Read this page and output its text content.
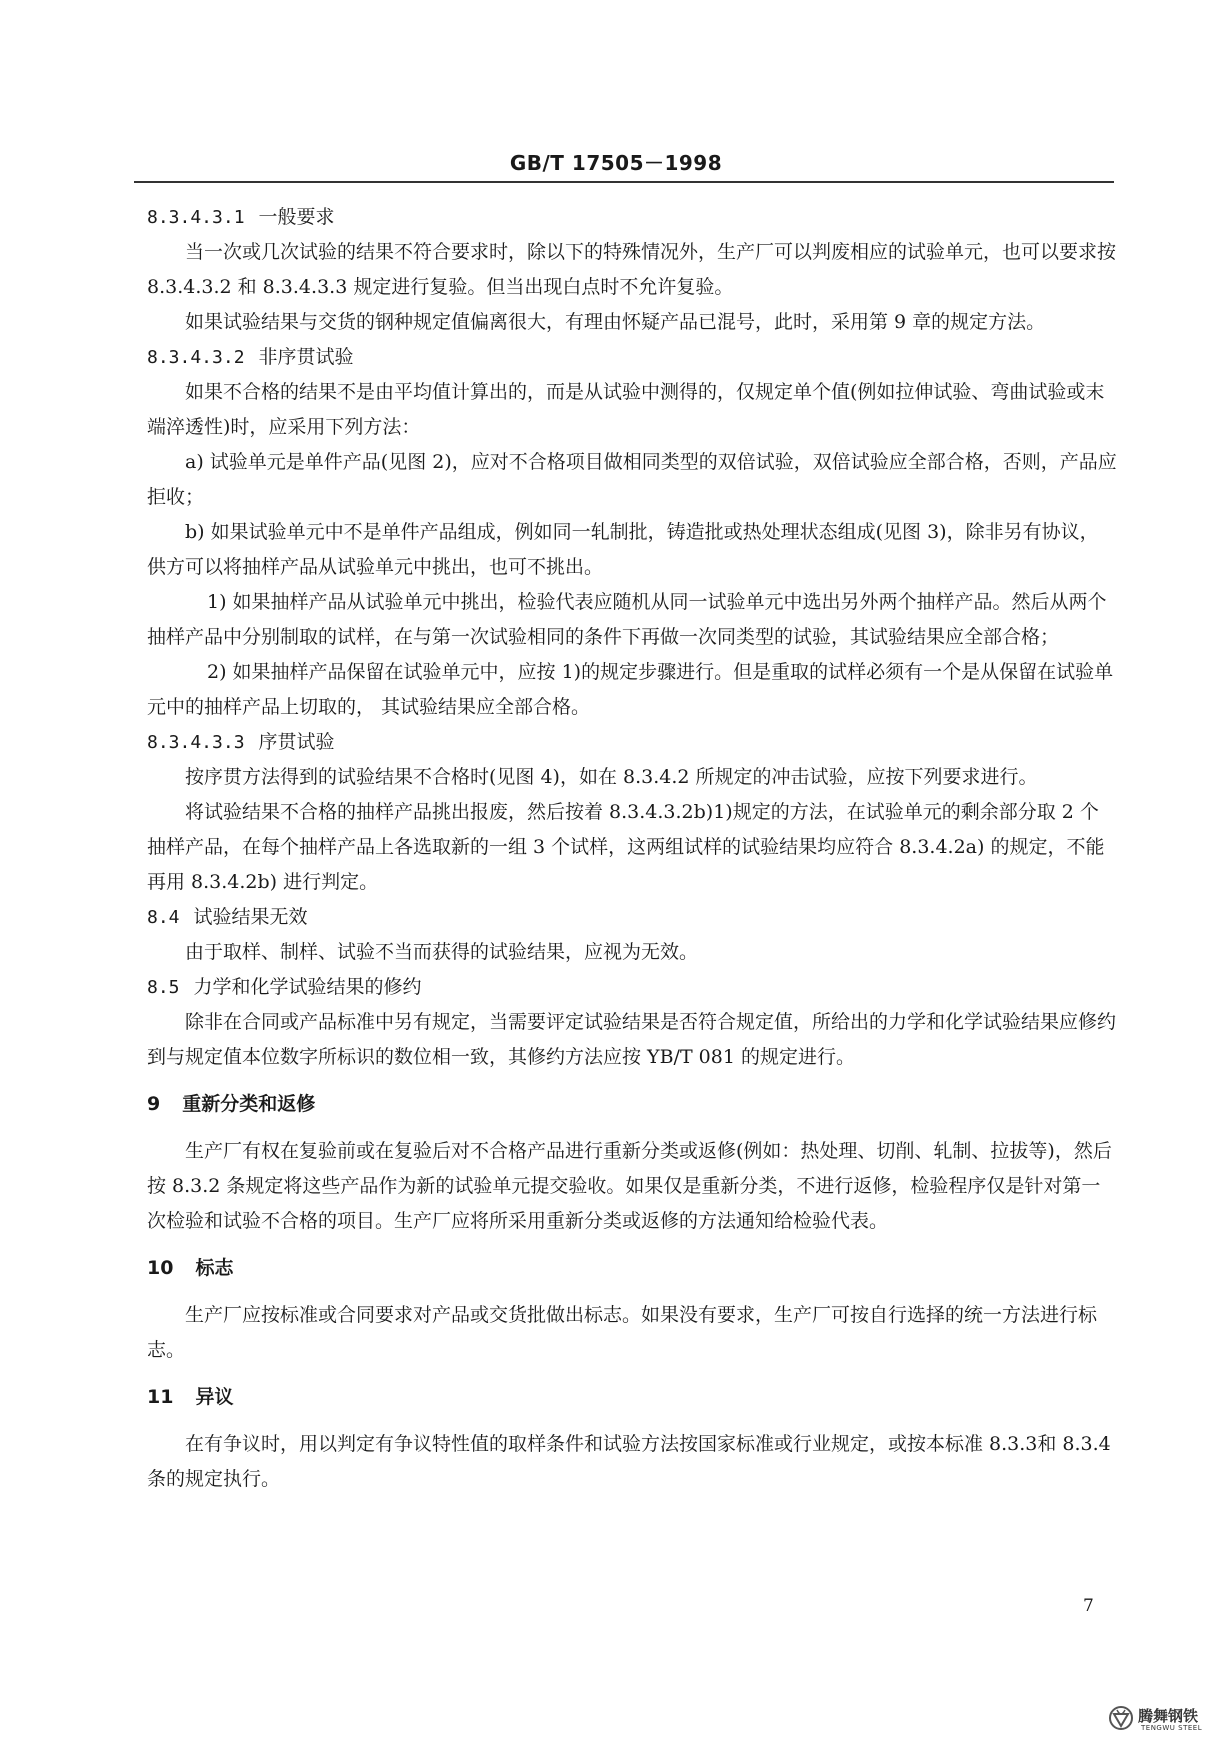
GB/T 17505－1998

8.3.4.3.1 一般要求

当一次或几次试验的结果不符合要求时，除以下的特殊情况外，生产厂可以判废相应的试验单元，也可以要求按 8.3.4.3.2 和 8.3.4.3.3 规定进行复验。但当出现白点时不允许复验。

如果试验结果与交货的钢种规定值偏离很大，有理由怀疑产品已混号，此时，采用第 9 章的规定方法。

8.3.4.3.2 非序贯试验

如果不合格的结果不是由平均值计算出的，而是从试验中测得的，仅规定单个值(例如拉伸试验、弯曲试验或末端淬透性)时，应采用下列方法：

a) 试验单元是单件产品(见图 2)，应对不合格项目做相同类型的双倍试验，双倍试验应全部合格，否则，产品应拒收；

b) 如果试验单元中不是单件产品组成，例如同一轧制批，铸造批或热处理状态组成(见图 3)，除非另有协议，供方可以将抽样产品从试验单元中挑出，也可不挑出。

1) 如果抽样产品从试验单元中挑出，检验代表应随机从同一试验单元中选出另外两个抽样产品。然后从两个抽样产品中分别制取的试样，在与第一次试验相同的条件下再做一次同类型的试验，其试验结果应全部合格；

2) 如果抽样产品保留在试验单元中，应按 1)的规定步骤进行。但是重取的试样必须有一个是从保留在试验单元中的抽样产品上切取的， 其试验结果应全部合格。

8.3.4.3.3 序贯试验

按序贯方法得到的试验结果不合格时(见图 4)，如在 8.3.4.2 所规定的冲击试验，应按下列要求进行。

将试验结果不合格的抽样产品挑出报废，然后按着 8.3.4.3.2b)1)规定的方法，在试验单元的剩余部分取 2 个抽样产品，在每个抽样产品上各选取新的一组 3 个试样，这两组试样的试验结果均应符合 8.3.4.2a) 的规定，不能再用 8.3.4.2b) 进行判定。

8.4 试验结果无效

由于取样、制样、试验不当而获得的试验结果，应视为无效。

8.5 力学和化学试验结果的修约

除非在合同或产品标准中另有规定，当需要评定试验结果是否符合规定值，所给出的力学和化学试验结果应修约到与规定值本位数字所标识的数位相一致，其修约方法应按 YB/T 081 的规定进行。

9 重新分类和返修

生产厂有权在复验前或在复验后对不合格产品进行重新分类或返修(例如：热处理、切削、轧制、拉拔等)，然后按 8.3.2 条规定将这些产品作为新的试验单元提交验收。如果仅是重新分类，不进行返修，检验程序仅是针对第一次检验和试验不合格的项目。生产厂应将所采用重新分类或返修的方法通知给检验代表。

10 标志

生产厂应按标准或合同要求对产品或交货批做出标志。如果没有要求，生产厂可按自行选择的统一方法进行标志。

11 异议

在有争议时，用以判定有争议特性值的取样条件和试验方法按国家标准或行业规定，或按本标准 8.3.3和 8.3.4 条的规定执行。

7
腾舞钢铁
TENGWU STEEL
